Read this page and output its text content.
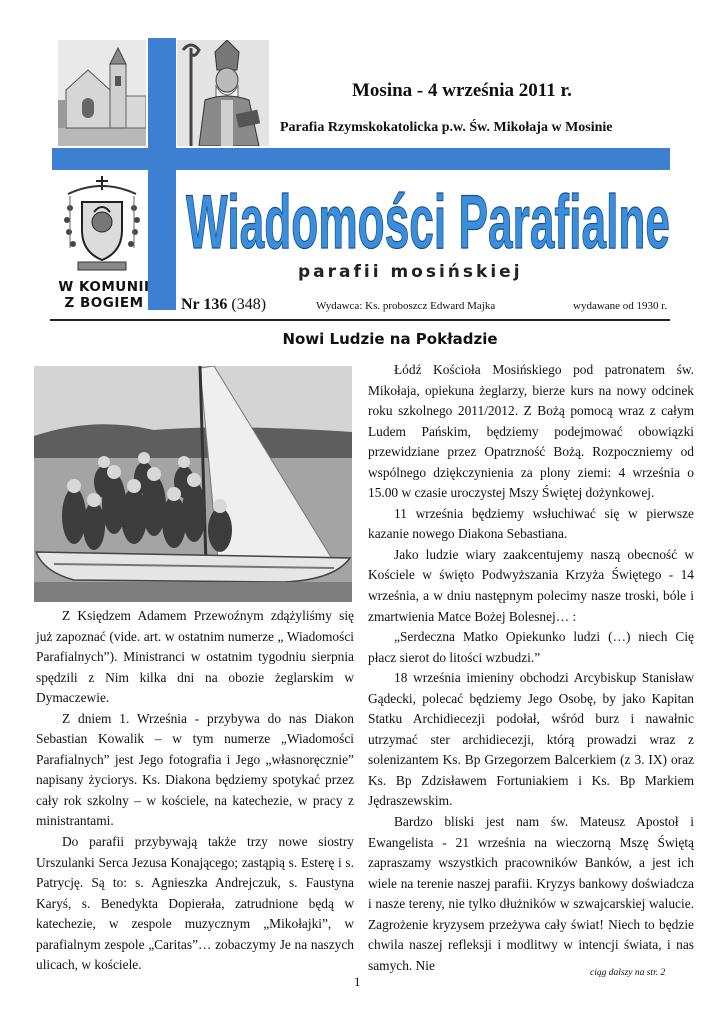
Mosina - 4 września 2011 r.
Parafia Rzymskokatolicka p.w. Św. Mikołaja w Mosinie
Wiadomości Parafialne
parafii mosińskiej
W KOMUNII
Z BOGIEM	Nr 136 (348)	Wydawca: Ks. proboszcz Edward Majka	wydawane od 1930 r.
Nowi Ludzie na Pokładzie

Z Księdzem Adamem Przewoźnym zdążyliśmy się już zapoznać (vide. art. w ostatnim numerze „ Wiadomości Parafialnych”). Ministranci w ostatnim tygodniu sierpnia spędzili z Nim kilka dni na obozie żeglarskim w Dymaczewie.

Z dniem 1. Września - przybywa do nas Diakon Sebastian Kowalik – w tym numerze „Wiadomości Parafialnych” jest Jego fotografia i Jego „własnoręcznie” napisany życiorys. Ks. Diakona będziemy spotykać przez cały rok szkolny – w kościele, na katechezie, w pracy z ministrantami.

Do parafii przybywają także trzy nowe siostry Urszulanki Serca Jezusa Konającego; zastąpią s. Esterę i s. Patrycję. Są to: s. Agnieszka Andrejczuk, s. Faustyna Karyś, s. Benedykta Dopierała, zatrudnione będą w katechezie, w zespole muzycznym „Mikołajki”, w parafialnym zespole „Caritas”… zobaczymy Je na naszych ulicach, w kościele.

Łódź Kościoła Mosińskiego pod patronatem św. Mikołaja, opiekuna żeglarzy, bierze kurs na nowy odcinek roku szkolnego 2011/2012. Z Bożą pomocą wraz z całym Ludem Pańskim, będziemy podejmować obowiązki przewidziane przez Opatrzność Bożą. Rozpoczniemy od wspólnego dziękczynienia za plony ziemi: 4 września o 15.00 w czasie uroczystej Mszy Świętej dożynkowej.

11 września będziemy wsłuchiwać się w pierwsze kazanie nowego Diakona Sebastiana.

Jako ludzie wiary zaakcentujemy naszą obecność w Kościele w święto Podwyższania Krzyża Świętego - 14 września, a w dniu następnym polecimy nasze troski, bóle i zmartwienia Matce Bożej Bolesnej… :

„Serdeczna Matko Opiekunko ludzi (…) niech Cię płacz sierot do litości wzbudzi.”

18 września imieniny obchodzi Arcybiskup Stanisław Gądecki, polecać będziemy Jego Osobę, by jako Kapitan Statku Archidiecezji podołał, wśród burz i nawałnic utrzymać ster archidiecezji, którą prowadzi wraz z solenizantem Ks. Bp Grzegorzem Balcerkiem (z 3. IX) oraz Ks. Bp Zdzisławem Fortuniakiem i Ks. Bp Markiem Jędraszewskim.

Bardzo bliski jest nam św. Mateusz Apostoł i Ewangelista - 21 września na wieczorną Mszę Świętą zapraszamy wszystkich pracowników Banków, a jest ich wiele na terenie naszej parafii. Kryzys bankowy doświadcza i nasze tereny, nie tylko dłużników w szwajcarskiej walucie. Zagrożenie kryzysem przeżywa cały świat! Niech to będzie chwila naszej refleksji i modlitwy w intencji świata, i nas samych. Nie

ciąg dalszy na str. 2
1
